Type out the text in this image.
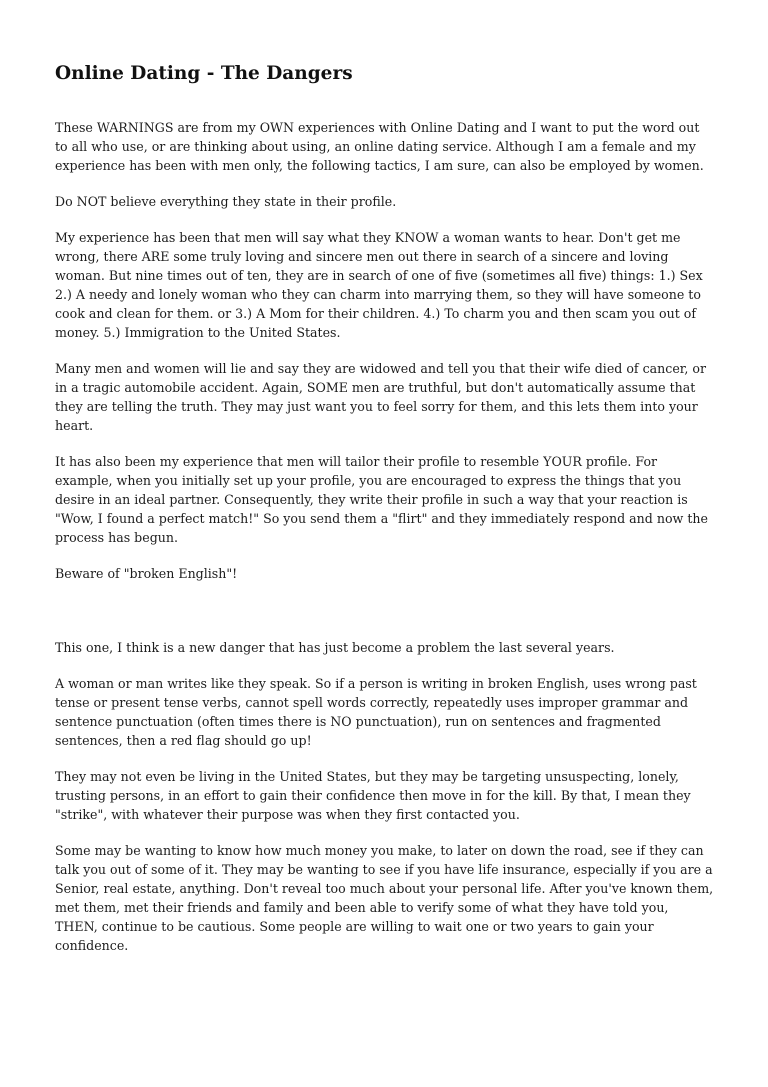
Online Dating - The Dangers

These WARNINGS are from my OWN experiences with Online Dating and I want to put the word out to all who use, or are thinking about using, an online dating service. Although I am a female and my experience has been with men only, the following tactics, I am sure, can also be employed by women.

Do NOT believe everything they state in their profile.

My experience has been that men will say what they KNOW a woman wants to hear. Don't get me wrong, there ARE some truly loving and sincere men out there in search of a sincere and loving woman. But nine times out of ten, they are in search of one of five (sometimes all five) things: 1.) Sex 2.) A needy and lonely woman who they can charm into marrying them, so they will have someone to cook and clean for them. or 3.) A Mom for their children. 4.) To charm you and then scam you out of money. 5.) Immigration to the United States.

Many men and women will lie and say they are widowed and tell you that their wife died of cancer, or in a tragic automobile accident. Again, SOME men are truthful, but don't automatically assume that they are telling the truth. They may just want you to feel sorry for them, and this lets them into your heart.

It has also been my experience that men will tailor their profile to resemble YOUR profile. For example, when you initially set up your profile, you are encouraged to express the things that you desire in an ideal partner. Consequently, they write their profile in such a way that your reaction is "Wow, I found a perfect match!" So you send them a "flirt" and they immediately respond and now the process has begun.

Beware of "broken English"!

This one, I think is a new danger that has just become a problem the last several years.

A woman or man writes like they speak. So if a person is writing in broken English, uses wrong past tense or present tense verbs, cannot spell words correctly, repeatedly uses improper grammar and sentence punctuation (often times there is NO punctuation), run on sentences and fragmented sentences, then a red flag should go up!

They may not even be living in the United States, but they may be targeting unsuspecting, lonely, trusting persons, in an effort to gain their confidence then move in for the kill. By that, I mean they "strike", with whatever their purpose was when they first contacted you.

Some may be wanting to know how much money you make, to later on down the road, see if they can talk you out of some of it. They may be wanting to see if you have life insurance, especially if you are a Senior, real estate, anything. Don't reveal too much about your personal life. After you've known them, met them, met their friends and family and been able to verify some of what they have told you, THEN, continue to be cautious. Some people are willing to wait one or two years to gain your confidence.
